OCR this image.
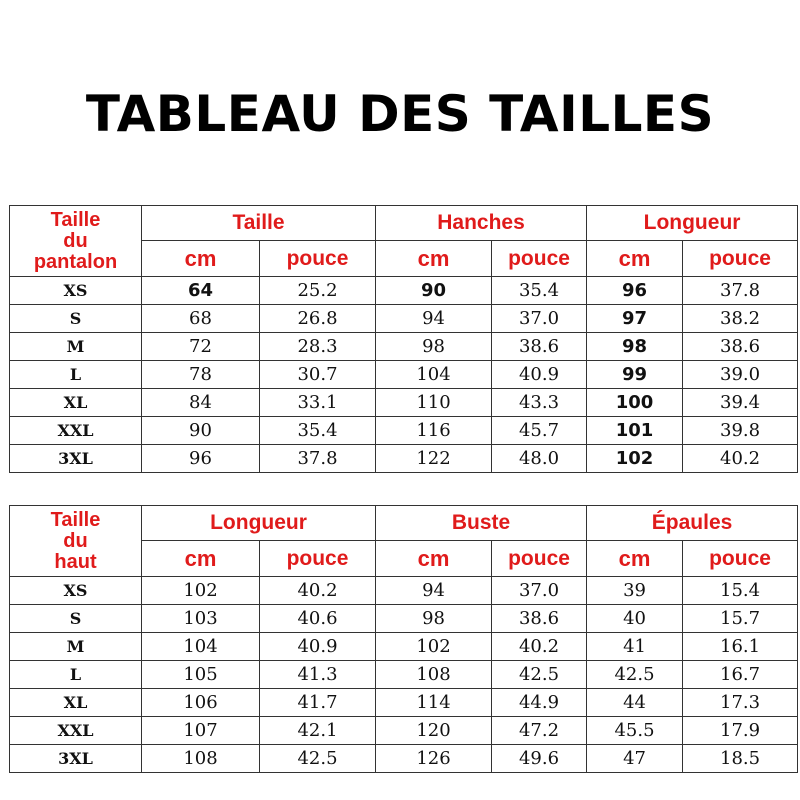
TABLEAU DES TAILLES
Taille
du
pantalon	Taille		Hanches		Longueur	
	cm	pouce	cm	pouce	cm	pouce
XS	64	25.2	90	35.4	96	37.8
S	68	26.8	94	37.0	97	38.2
M	72	28.3	98	38.6	98	38.6
L	78	30.7	104	40.9	99	39.0
XL	84	33.1	110	43.3	100	39.4
XXL	90	35.4	116	45.7	101	39.8
3XL	96	37.8	122	48.0	102	40.2
Taille
du
haut	Longueur		Buste		Épaules	
	cm	pouce	cm	pouce	cm	pouce
XS	102	40.2	94	37.0	39	15.4
S	103	40.6	98	38.6	40	15.7
M	104	40.9	102	40.2	41	16.1
L	105	41.3	108	42.5	42.5	16.7
XL	106	41.7	114	44.9	44	17.3
XXL	107	42.1	120	47.2	45.5	17.9
3XL	108	42.5	126	49.6	47	18.5
